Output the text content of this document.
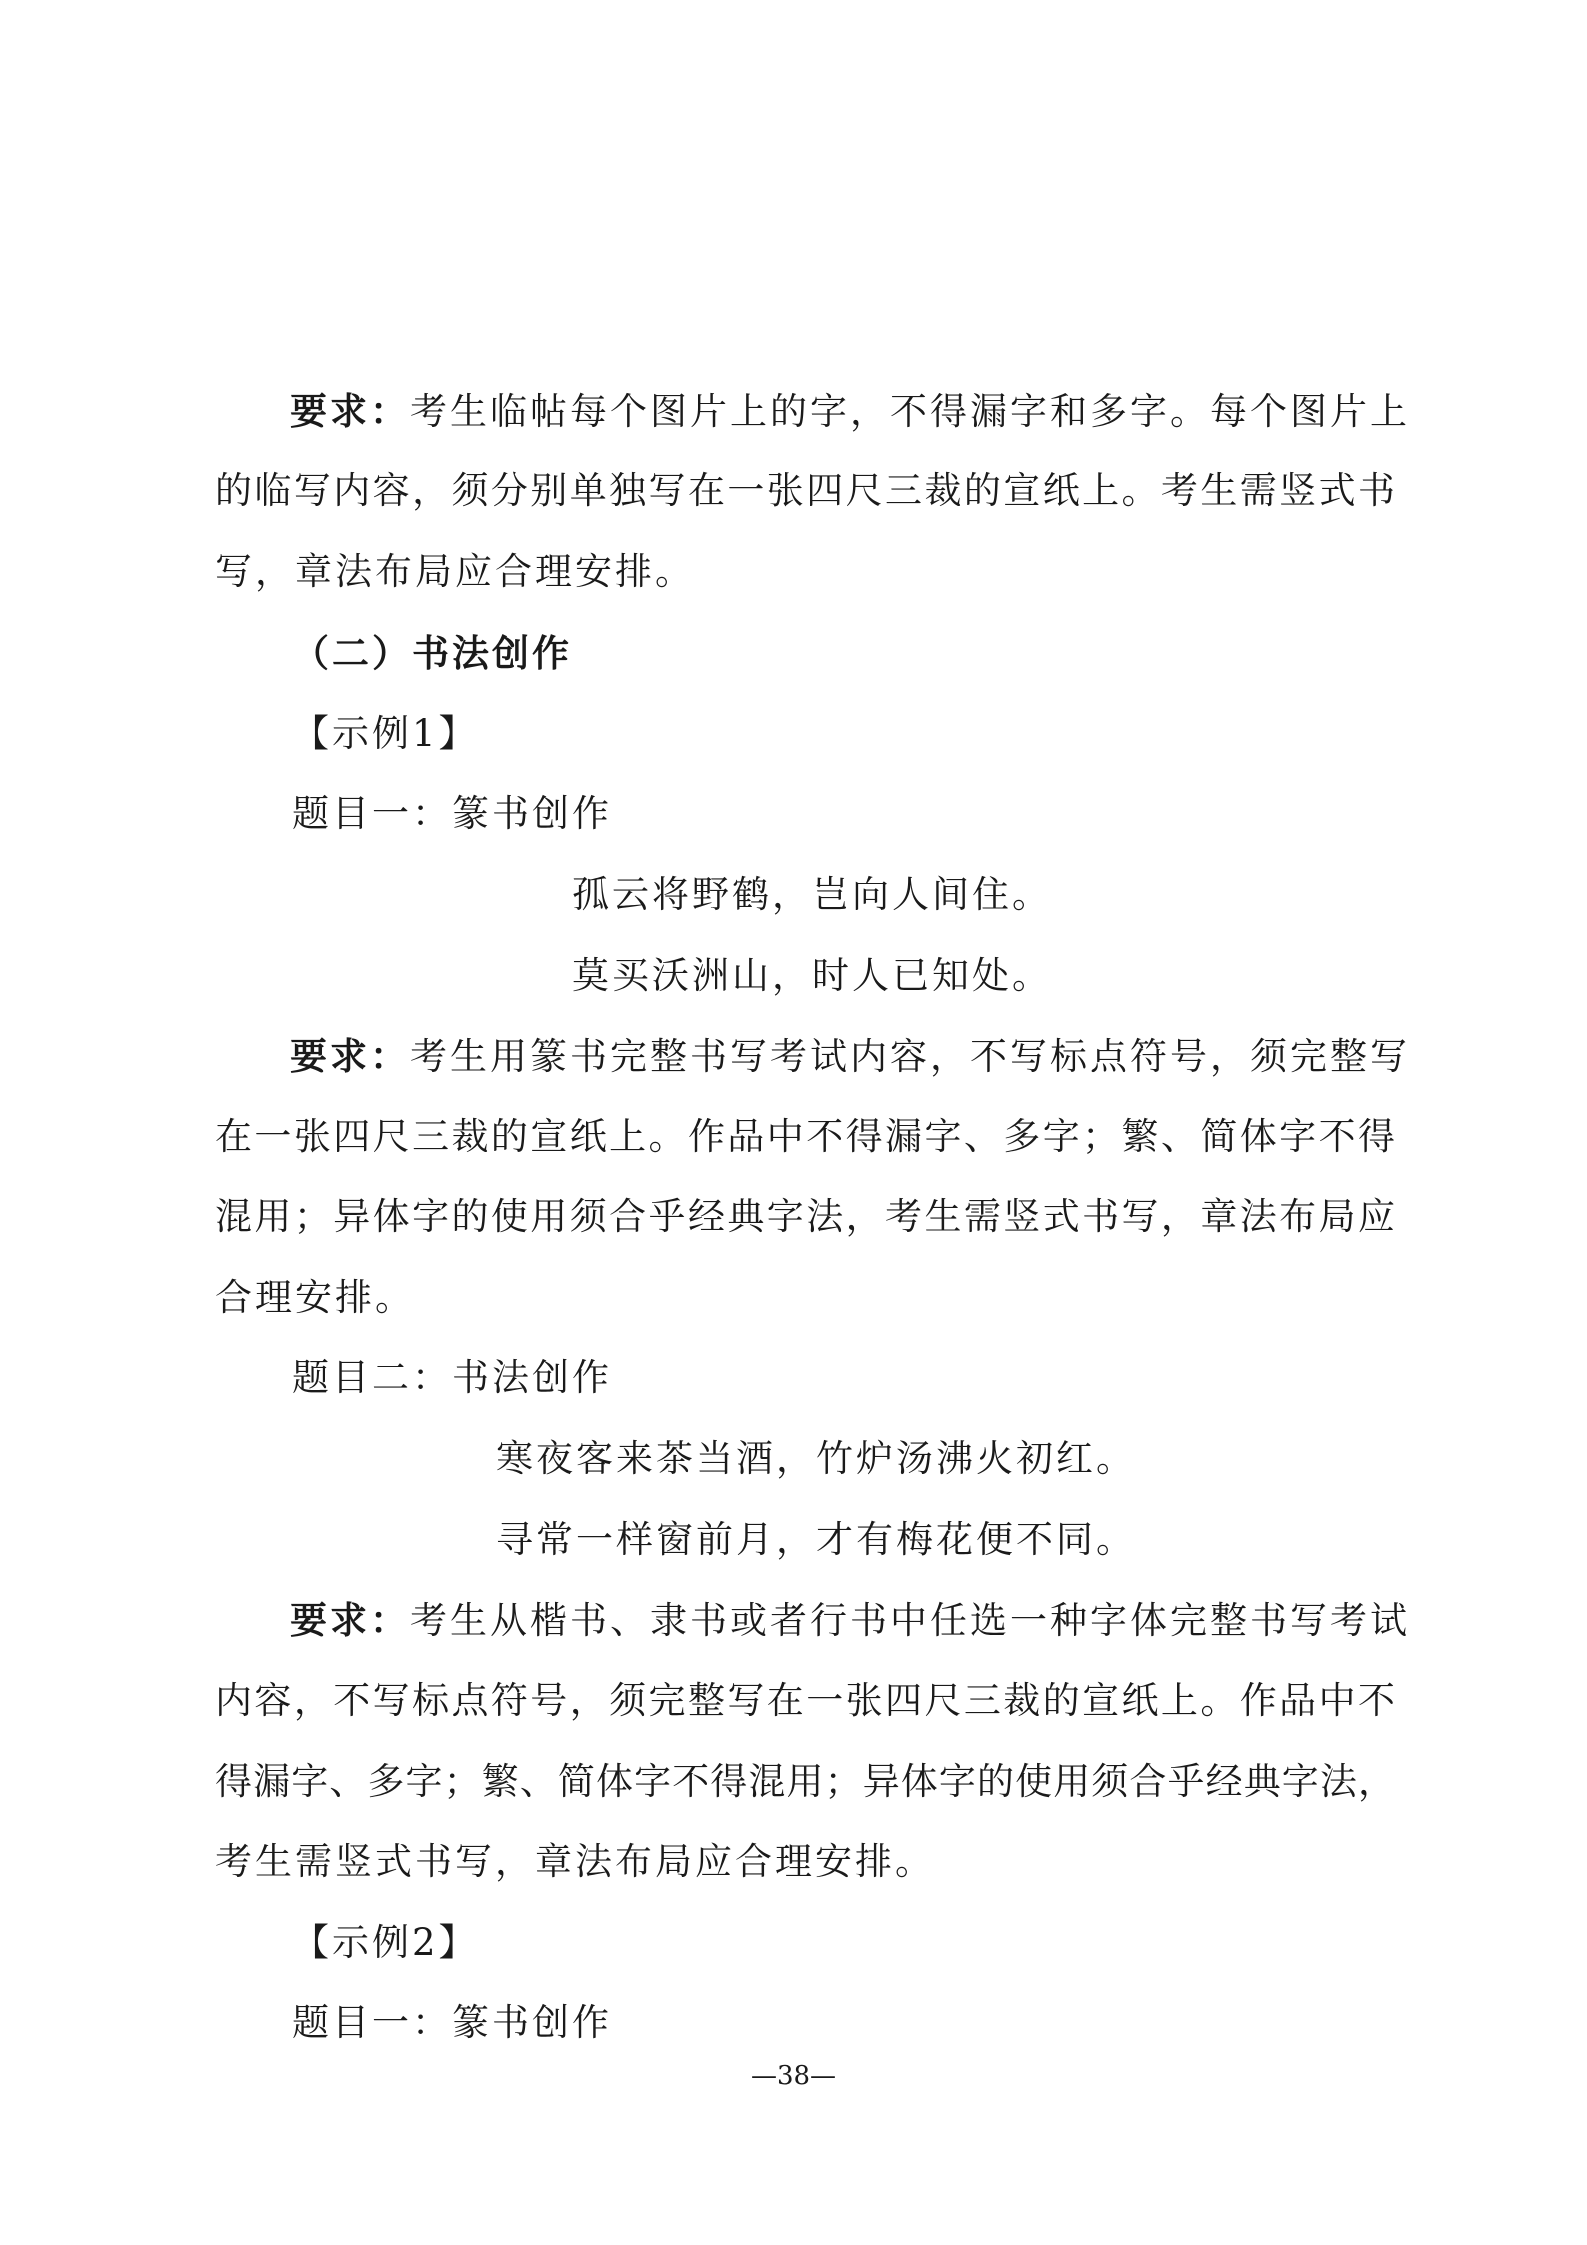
要求：考生临帖每个图片上的字，不得漏字和多字。每个图片上
的临写内容，须分别单独写在一张四尺三裁的宣纸上。考生需竖式书
写，章法布局应合理安排。
（二）书法创作
【示例1】
题目一：篆书创作
孤云将野鹤，岂向人间住。
莫买沃洲山，时人已知处。
要求：考生用篆书完整书写考试内容，不写标点符号，须完整写
在一张四尺三裁的宣纸上。作品中不得漏字、多字；繁、简体字不得
混用；异体字的使用须合乎经典字法，考生需竖式书写，章法布局应
合理安排。
题目二：书法创作
寒夜客来茶当酒，竹炉汤沸火初红。
寻常一样窗前月，才有梅花便不同。
要求：考生从楷书、隶书或者行书中任选一种字体完整书写考试
内容，不写标点符号，须完整写在一张四尺三裁的宣纸上。作品中不
得漏字、多字；繁、简体字不得混用；异体字的使用须合乎经典字法，
考生需竖式书写，章法布局应合理安排。
【示例2】
题目一：篆书创作
—38—
